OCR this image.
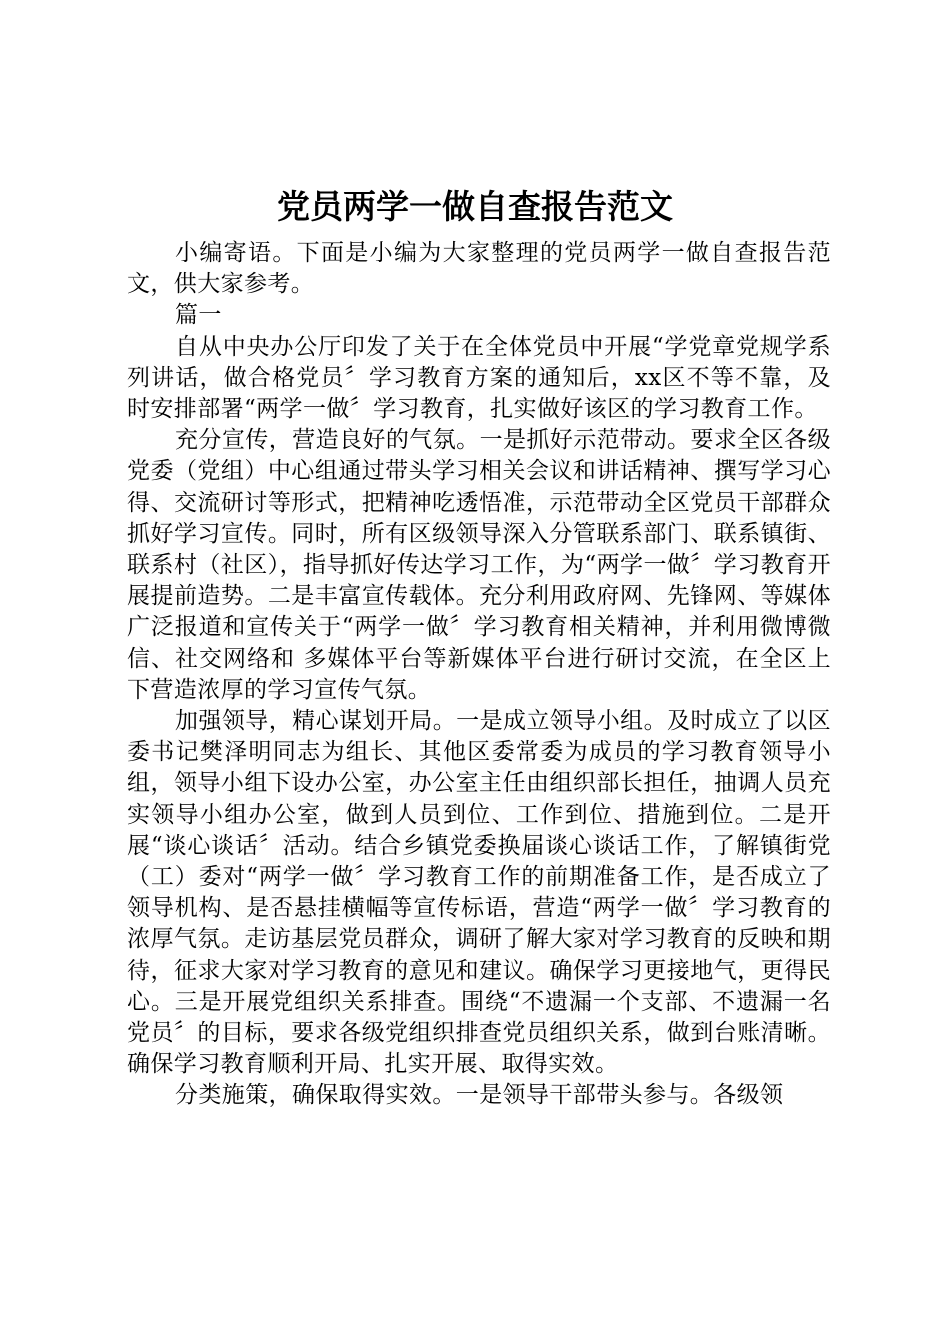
党员两学一做自查报告范文

小编寄语。下面是小编为大家整理的党员两学一做自查报告范文，供大家参考。

篇一

自从中央办公厅印发了关于在全体党员中开展“学党章党规学系列讲话，做合格党员〞学习教育方案的通知后，xx区不等不靠，及时安排部署“两学一做〞学习教育，扎实做好该区的学习教育工作。

充分宣传，营造良好的气氛。一是抓好示范带动。要求全区各级党委（党组）中心组通过带头学习相关会议和讲话精神、撰写学习心得、交流研讨等形式，把精神吃透悟准，示范带动全区党员干部群众抓好学习宣传。同时，所有区级领导深入分管联系部门、联系镇街、联系村（社区），指导抓好传达学习工作，为“两学一做〞学习教育开展提前造势。二是丰富宣传载体。充分利用政府网、先锋网、等媒体广泛报道和宣传关于“两学一做〞学习教育相关精神，并利用微博微信、社交网络和 多媒体平台等新媒体平台进行研讨交流，在全区上下营造浓厚的学习宣传气氛。

加强领导，精心谋划开局。一是成立领导小组。及时成立了以区委书记樊泽明同志为组长、其他区委常委为成员的学习教育领导小组，领导小组下设办公室，办公室主任由组织部长担任，抽调人员充实领导小组办公室，做到人员到位、工作到位、措施到位。二是开展“谈心谈话〞活动。结合乡镇党委换届谈心谈话工作，了解镇街党（工）委对“两学一做〞学习教育工作的前期准备工作，是否成立了领导机构、是否悬挂横幅等宣传标语，营造“两学一做〞学习教育的浓厚气氛。走访基层党员群众，调研了解大家对学习教育的反映和期待，征求大家对学习教育的意见和建议。确保学习更接地气，更得民心。三是开展党组织关系排查。围绕“不遗漏一个支部、不遗漏一名党员〞的目标，要求各级党组织排查党员组织关系，做到台账清晰。确保学习教育顺利开局、扎实开展、取得实效。

分类施策，确保取得实效。一是领导干部带头参与。各级领
